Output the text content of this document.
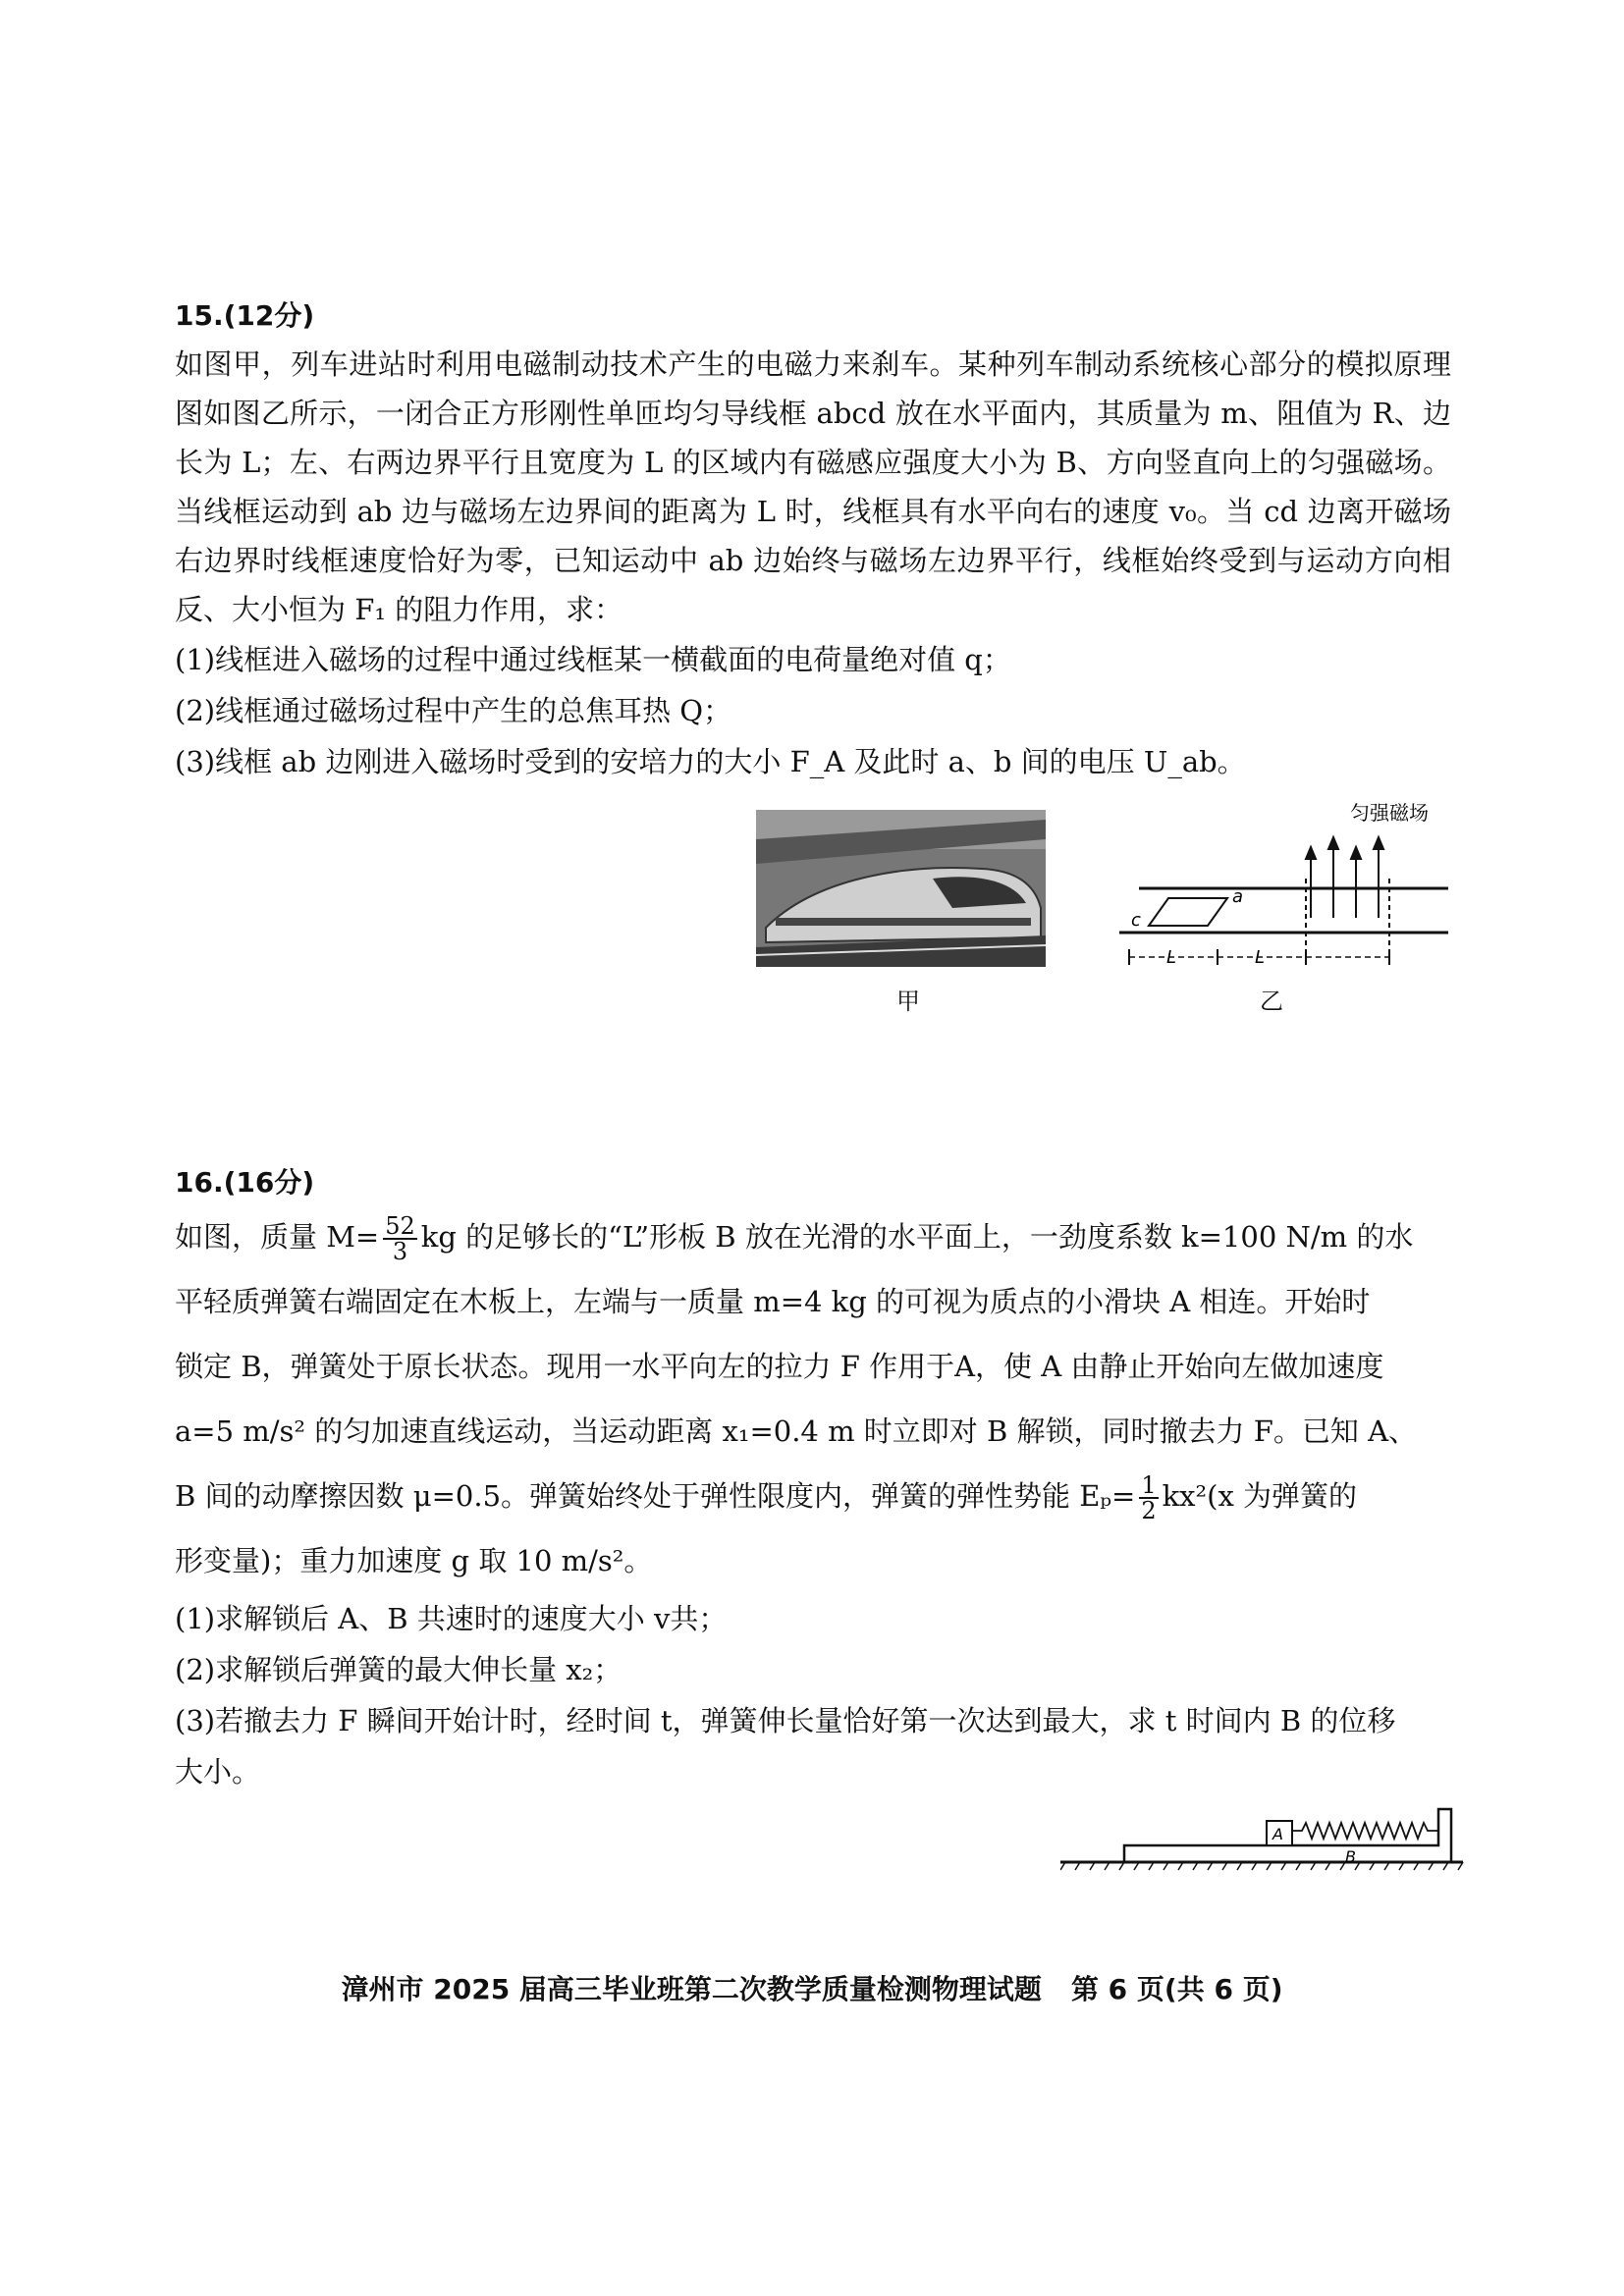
15.(12分)
如图甲，列车进站时利用电磁制动技术产生的电磁力来刹车。某种列车制动系统核心部分的模拟原理图如图乙所示，一闭合正方形刚性单匝均匀导线框 abcd 放在水平面内，其质量为 m、阻值为 R、边长为 L；左、右两边界平行且宽度为 L 的区域内有磁感应强度大小为 B、方向竖直向上的匀强磁场。当线框运动到 ab 边与磁场左边界间的距离为 L 时，线框具有水平向右的速度 v₀。当 cd 边离开磁场右边界时线框速度恰好为零，已知运动中 ab 边始终与磁场左边界平行，线框始终受到与运动方向相反、大小恒为 F₁ 的阻力作用，求：
(1)线框进入磁场的过程中通过线框某一横截面的电荷量绝对值 q；
(2)线框通过磁场过程中产生的总焦耳热 Q；
(3)线框 ab 边刚进入磁场时受到的安培力的大小 F_A 及此时 a、b 间的电压 U_ab。
甲
匀强磁场
a
c
L	L
乙
16.(16分)
如图，质量 $M= \frac{52}{3}$ kg 的足够长的“L”形板 B 放在光滑的水平面上，一劲度系数 k=100 N/m 的水
平轻质弹簧右端固定在木板上，左端与一质量 m=4 kg 的可视为质点的小滑块 A 相连。开始时
锁定 B，弹簧处于原长状态。现用一水平向左的拉力 F 作用于A，使 A 由静止开始向左做加速度
a=5 m/s² 的匀加速直线运动，当运动距离 x₁=0.4 m 时立即对 B 解锁，同时撤去力 F。已知 A、
B 间的动摩擦因数 μ=0.5。弹簧始终处于弹性限度内，弹簧的弹性势能 $E_p= \frac{1}{2} kx^2(x$ 为弹簧的
形变量)；重力加速度 g 取 10 m/s²。
(1)求解锁后 A、B 共速时的速度大小 v共；
(2)求解锁后弹簧的最大伸长量 x₂；
(3)若撤去力 F 瞬间开始计时，经时间 t，弹簧伸长量恰好第一次达到最大，求 t 时间内 B 的位移
大小。
B
A
漳州市 2025 届高三毕业班第二次教学质量检测物理试题 第 6 页(共 6 页)
